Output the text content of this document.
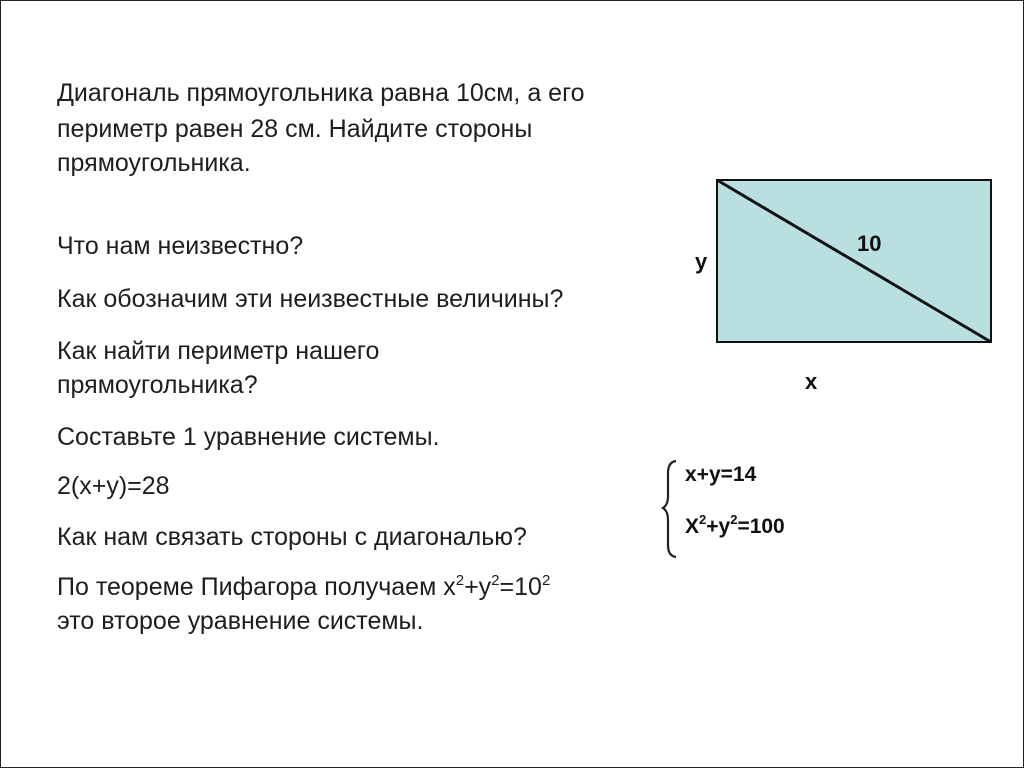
Диагональ прямоугольника равна 10см, а его
периметр равен 28 см. Найдите стороны
прямоугольника.
Что нам неизвестно?
Как обозначим эти неизвестные величины?
Как найти периметр нашего
прямоугольника?
Составьте 1 уравнение системы.
2(x+y)=28
Как нам связать стороны с диагональю?
По теореме Пифагора получаем $x^2+y^2=10^2$
это второе уравнение системы.
y
10
x
x+y=14
$X^2+y^2=100$
